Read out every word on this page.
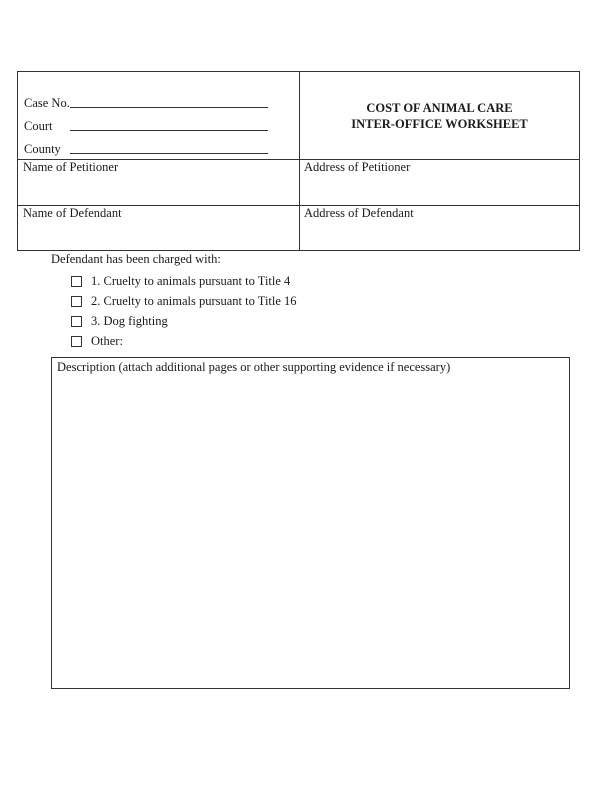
Case No.
Court
County
COST OF ANIMAL CARE
INTER-OFFICE WORKSHEET
Name of Petitioner	Address of Petitioner
Name of Defendant	Address of Defendant
Defendant has been charged with:
1. Cruelty to animals pursuant to Title 4
2. Cruelty to animals pursuant to Title 16
3. Dog fighting
Other:
Description (attach additional pages or other supporting evidence if necessary)
